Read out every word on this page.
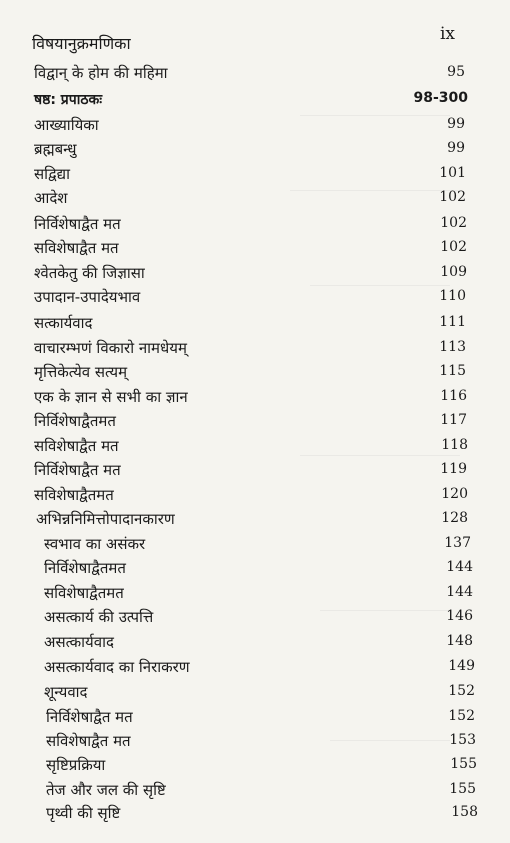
विषयानुक्रमणिका	ix
विद्वान् के होम की महिमा	95
षष्ठ: प्रपाठकः	98-300
आख्यायिका	99
ब्रह्मबन्धु	99
सद्विद्या	101
आदेश	102
निर्विशेषाद्वैत मत	102
सविशेषाद्वैत मत	102
श्वेतकेतु की जिज्ञासा	109
उपादान-उपादेयभाव	110
सत्कार्यवाद	111
वाचारम्भणं विकारो नामधेयम्	113
मृत्तिकेत्येव सत्यम्	115
एक के ज्ञान से सभी का ज्ञान	116
निर्विशेषाद्वैतमत	117
सविशेषाद्वैत मत	118
निर्विशेषाद्वैत मत	119
सविशेषाद्वैतमत	120
अभिन्ननिमित्तोपादानकारण	128
स्वभाव का असंकर	137
निर्विशेषाद्वैतमत	144
सविशेषाद्वैतमत	144
असत्कार्य की उत्पत्ति	146
असत्कार्यवाद	148
असत्कार्यवाद का निराकरण	149
शून्यवाद	152
निर्विशेषाद्वैत मत	152
सविशेषाद्वैत मत	153
सृष्टिप्रक्रिया	155
तेज और जल की सृष्टि	155
पृथ्वी की सृष्टि	158
